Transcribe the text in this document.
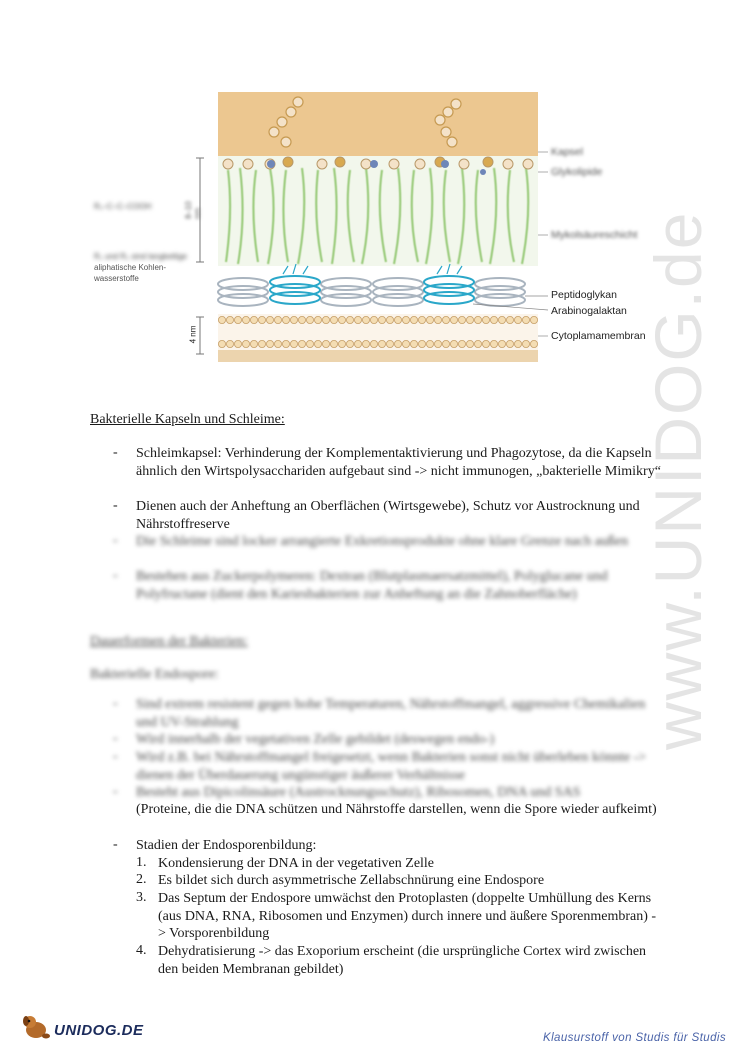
www.UNIDOG.de
8–10 nm
4 nm
R₁–C–C–COOH
R₁ und R₂ sind langkettige
aliphatische Kohlen-
wasserstoffe
Kapsel
Glykolipide
Mykolsäureschicht
Peptidoglykan
Arabinogalaktan
Cytoplamamembran
Bakterielle Kapseln und Schleime:
- Schleimkapsel: Verhinderung der Komplementaktivierung und Phagozytose, da die Kapseln ähnlich den Wirtspolysacchariden aufgebaut sind -> nicht immunogen, „bakterielle Mimikry“
- Dienen auch der Anheftung an Oberflächen (Wirtsgewebe), Schutz vor Austrocknung und Nährstoffreserve
- Die Schleime sind locker arrangierte Exkretionsprodukte ohne klare Grenze nach außen
- Bestehen aus Zuckerpolymeren: Dextran (Blutplasmaersatzmittel), Polyglucane und Polyfructane (dient den Kariesbakterien zur Anheftung an die Zahnoberfläche)
Dauerformen der Bakterien:
Bakterielle Endospore:
- Sind extrem resistent gegen hohe Temperaturen, Nährstoffmangel, aggressive Chemikalien und UV-Strahlung
- Wird innerhalb der vegetativen Zelle gebildet (deswegen endo-)
- Wird z.B. bei Nährstoffmangel freigesetzt, wenn Bakterien sonst nicht überleben könnte -> dienen der Überdauerung ungünstiger äußerer Verhältnisse
- Besteht aus Dipicolinsäure (Austrocknungsschutz), Ribosomen, DNA und SAS
(Proteine, die die DNA schützen und Nährstoffe darstellen, wenn die Spore wieder aufkeimt)
- Stadien der Endosporenbildung:
1. Kondensierung der DNA in der vegetativen Zelle
2. Es bildet sich durch asymmetrische Zellabschnürung eine Endospore
3. Das Septum der Endospore umwächst den Protoplasten (doppelte Umhüllung des Kerns (aus DNA, RNA, Ribosomen und Enzymen) durch innere und äußere Sporenmembran) -> Vorsporenbildung
4. Dehydratisierung -> das Exoporium erscheint (die ursprüngliche Cortex wird zwischen den beiden Membranan gebildet)
UNIDOG.DE	Klausurstoff von Studis für Studis
